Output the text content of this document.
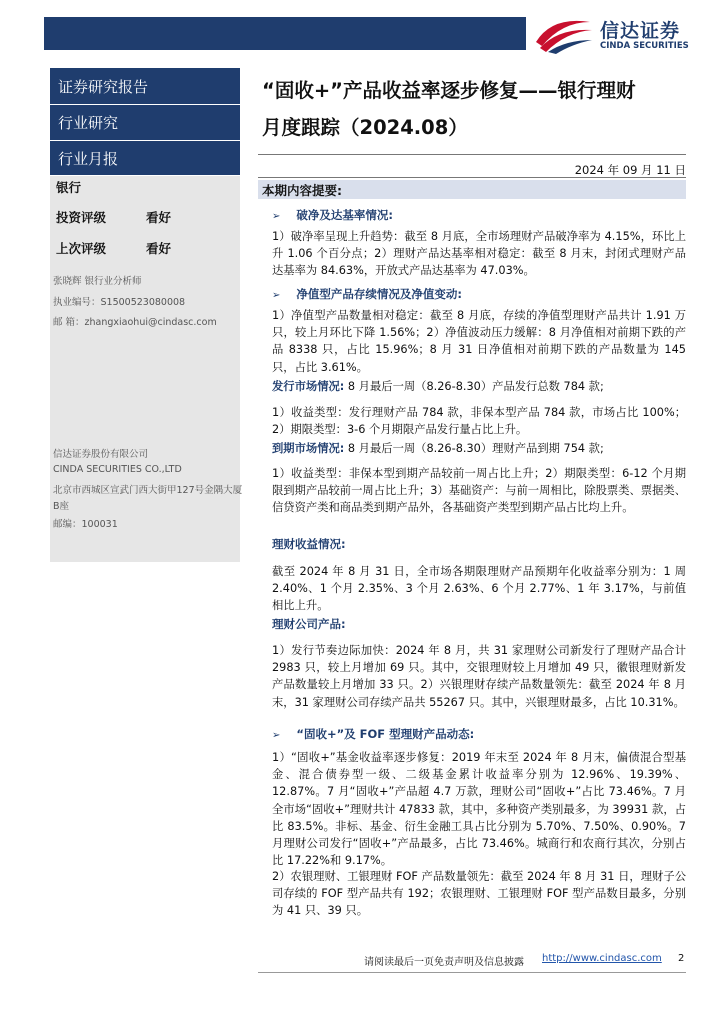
信达证券
CINDA SECURITIES
证券研究报告
行业研究
行业月报
银行
投资评级	看好
上次评级	看好
张晓辉 银行业分析师
执业编号：S1500523080008
邮 箱：zhangxiaohui@cindasc.com
信达证券股份有限公司
CINDA SECURITIES CO.,LTD
北京市西城区宣武门西大街甲127号金隅大厦
B座
邮编：100031
“固收+”产品收益率逐步修复——银行理财
月度跟踪（2024.08）
2024 年 09 月 11 日
本期内容提要:
➢ 破净及达基率情况:
1）破净率呈现上升趋势：截至 8 月底，全市场理财产品破净率为 4.15%，环比上升 1.06 个百分点；2）理财产品达基率相对稳定：截至 8 月末，封闭式理财产品达基率为 84.63%，开放式产品达基率为 47.03%。
➢ 净值型产品存续情况及净值变动:
1）净值型产品数量相对稳定：截至 8 月底，存续的净值型理财产品共计 1.91 万只，较上月环比下降 1.56%；2）净值波动压力缓解：8 月净值相对前期下跌的产品 8338 只，占比 15.96%；8 月 31 日净值相对前期下跌的产品数量为 145 只，占比 3.61%。
发行市场情况: 8 月最后一周（8.26-8.30）产品发行总数 784 款;
1）收益类型：发行理财产品 784 款，非保本型产品 784 款，市场占比 100%；2）期限类型：3-6 个月期限产品发行量占比上升。
到期市场情况: 8 月最后一周（8.26-8.30）理财产品到期 754 款;
1）收益类型：非保本型到期产品较前一周占比上升；2）期限类型：6-12 个月期限到期产品较前一周占比上升；3）基础资产：与前一周相比，除股票类、票据类、信贷资产类和商品类到期产品外，各基础资产类型到期产品占比均上升。
理财收益情况:
截至 2024 年 8 月 31 日，全市场各期限理财产品预期年化收益率分别为：1 周 2.40%、1 个月 2.35%、3 个月 2.63%、6 个月 2.77%、1 年 3.17%，与前值相比上升。
理财公司产品:
1）发行节奏边际加快：2024 年 8 月，共 31 家理财公司新发行了理财产品合计 2983 只，较上月增加 69 只。其中，交银理财较上月增加 49 只，徽银理财新发产品数量较上月增加 33 只。2）兴银理财存续产品数量领先：截至 2024 年 8 月末，31 家理财公司存续产品共 55267 只。其中，兴银理财最多，占比 10.31%。
➢ “固收+”及 FOF 型理财产品动态:
1）“固收+”基金收益率逐步修复：2019 年末至 2024 年 8 月末，偏债混合型基金、混合债券型一级、二级基金累计收益率分别为 12.96%、19.39%、12.87%。7 月“固收+”产品超 4.7 万款，理财公司“固收+”占比 73.46%。7 月全市场“固收+”理财共计 47833 款，其中，多种资产类别最多，为 39931 款，占比 83.5%。非标、基金、衍生金融工具占比分别为 5.70%、7.50%、0.90%。7 月理财公司发行“固收+”产品最多，占比 73.46%。城商行和农商行其次，分别占比 17.22%和 9.17%。
2）农银理财、工银理财 FOF 产品数量领先：截至 2024 年 8 月 31 日，理财子公司存续的 FOF 型产品共有 192；农银理财、工银理财 FOF 型产品数目最多，分别为 41 只、39 只。
请阅读最后一页免责声明及信息披露 http://www.cindasc.com 2
